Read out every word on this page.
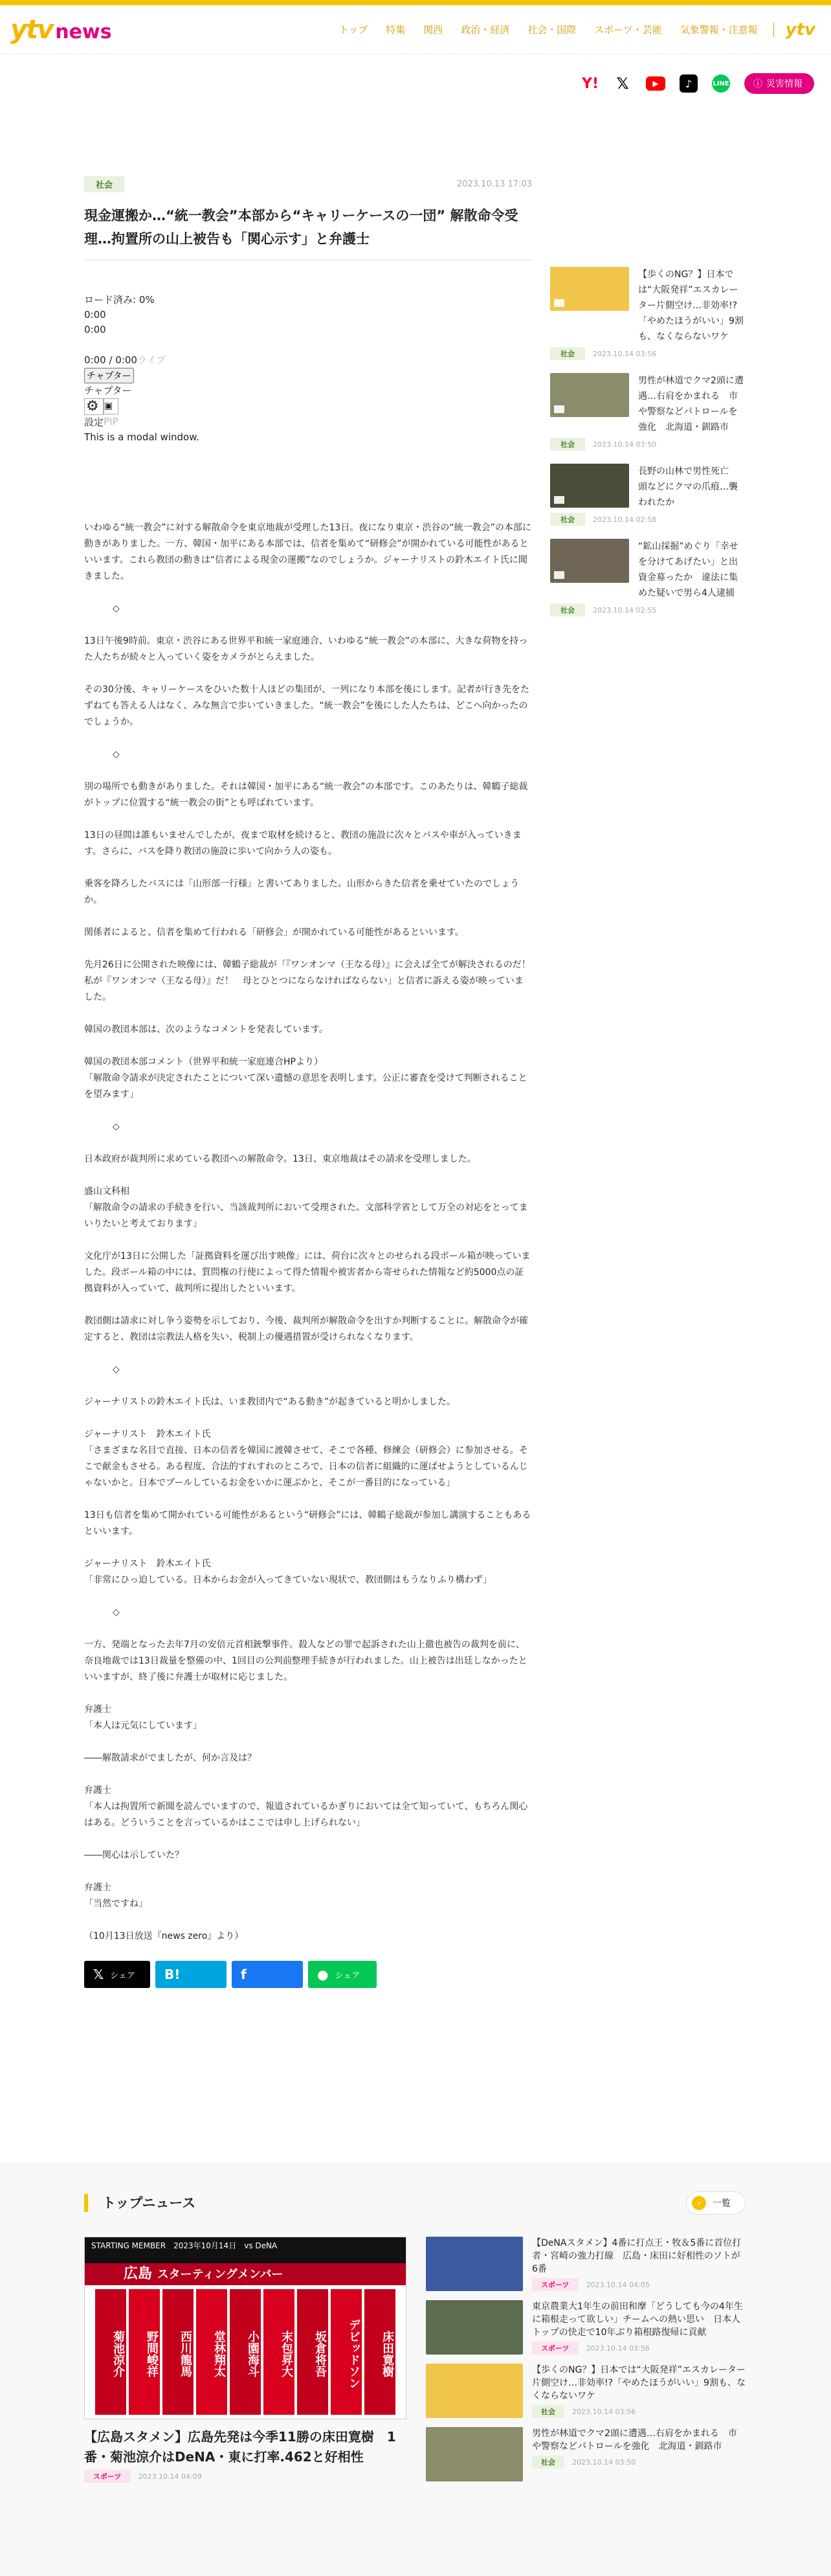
ytv news	トップ	特集	関西	政治・経済	社会・国際	スポーツ・芸能	気象警報・注意報	ytv
Y! 𝕏	▶	♪	LINE	ⓘ 災害情報
社会	2023.10.13 17:03
現金運搬か…“統一教会”本部から“キャリーケースの一団” 解散命令受理…拘置所の山上被告も「関心示す」と弁護士
ロード済み: 0%
0:00
0:00
0:00 / 0:00ライブ
チャプター
チャプター
⚙
設定
▣
PIP
This is a modal window.

いわゆる“統一教会”に対する解散命令を東京地裁が受理した13日。夜になり東京・渋谷の“統一教会”の本部に動きがありました。一方、韓国・加平にある本部では、信者を集めて“研修会”が開かれている可能性があるといいます。これら教団の動きは“信者による現金の運搬”なのでしょうか。ジャーナリストの鈴木エイト氏に聞きました。

◇

13日午後9時前。東京・渋谷にある世界平和統一家庭連合、いわゆる“統一教会”の本部に、大きな荷物を持った人たちが続々と入っていく姿をカメラがとらえました。

その30分後、キャリーケースをひいた数十人ほどの集団が、一列になり本部を後にします。記者が行き先をたずねても答える人はなく、みな無言で歩いていきました。“統一教会”を後にした人たちは、どこへ向かったのでしょうか。

◇

別の場所でも動きがありました。それは韓国・加平にある“統一教会”の本部です。このあたりは、韓鶴子総裁がトップに位置する“統一教会の街”とも呼ばれています。

13日の昼間は誰もいませんでしたが、夜まで取材を続けると、教団の施設に次々とバスや車が入っていきます。さらに、バスを降り教団の施設に歩いて向かう人の姿も。

乗客を降ろしたバスには「山形部一行様」と書いてありました。山形からきた信者を乗せていたのでしょうか。

関係者によると、信者を集めて行われる「研修会」が開かれている可能性があるといいます。

先月26日に公開された映像には、韓鶴子総裁が「『ワンオンマ（王なる母）』に会えば全てが解決されるのだ！　私が『ワンオンマ（王なる母）』だ！　母とひとつにならなければならない」と信者に訴える姿が映っていました。

韓国の教団本部は、次のようなコメントを発表しています。

韓国の教団本部コメント（世界平和統一家庭連合HPより）
「解散命令請求が決定されたことについて深い遺憾の意思を表明します。公正に審査を受けて判断されることを望みます」

◇

日本政府が裁判所に求めている教団への解散命令。13日、東京地裁はその請求を受理しました。

盛山文科相
「解散命令の請求の手続きを行い、当該裁判所において受理された。文部科学省として万全の対応をとってまいりたいと考えております」

文化庁が13日に公開した「証拠資料を運び出す映像」には、荷台に次々とのせられる段ボール箱が映っていました。段ボール箱の中には、質問権の行使によって得た情報や被害者から寄せられた情報など約5000点の証拠資料が入っていて、裁判所に提出したといいます。

教団側は請求に対し争う姿勢を示しており、今後、裁判所が解散命令を出すか判断することに。解散命令が確定すると、教団は宗教法人格を失い、税制上の優遇措置が受けられなくなります。

◇

ジャーナリストの鈴木エイト氏は、いま教団内で“ある動き”が起きていると明かしました。

ジャーナリスト　鈴木エイト氏
「さまざまな名目で直接、日本の信者を韓国に渡韓させて、そこで各種、修練会（研修会）に参加させる。そこで献金もさせる。ある程度、合法的すれすれのところで、日本の信者に組織的に運ばせようとしているんじゃないかと。日本でプールしているお金をいかに運ぶかと、そこが一番目的になっている」

13日も信者を集めて開かれている可能性があるという“研修会”には、韓鶴子総裁が参加し講演することもあるといいます。

ジャーナリスト　鈴木エイト氏
「非常にひっ迫している。日本からお金が入ってきていない現状で、教団側はもうなりふり構わず」

◇

一方、発端となった去年7月の安倍元首相銃撃事件。殺人などの罪で起訴された山上徹也被告の裁判を前に、奈良地裁では13日裁量を整備の中、1回目の公判前整理手続きが行われました。山上被告は出廷しなかったといいますが、終了後に弁護士が取材に応じました。

弁護士
「本人は元気にしています」

――解散請求がでましたが、何か言及は？

弁護士
「本人は拘置所で新聞を読んでいますので、報道されているかぎりにおいては全て知っていて、もちろん関心はある。どういうことを言っているかはここでは申し上げられない」

――関心は示していた？

弁護士
「当然ですね」

（10月13日放送『news zero』より）

𝕏 シェア B!	f	● シェア
【歩くのNG？】日本では“大阪発祥”エスカレーター片側空け…非効率!?「やめたほうがいい」9割も、なくならないワケ
社会	2023.10.14 03:56
男性が林道でクマ2頭に遭遇…右肩をかまれる　市や警察などパトロールを強化　北海道・釧路市
社会	2023.10.14 03:50
長野の山林で男性死亡　頭などにクマの爪痕…襲われたか
社会	2023.10.14 02:58
“鉱山採掘”めぐり「幸せを分けてあげたい」と出資金募ったか　違法に集めた疑いで男ら4人逮捕
社会	2023.10.14 02:55
トップニュース	›	一覧
STARTING MEMBER　 2023年10月14日　 vs DeNA
広島 スターティングメンバー
菊池涼介	野間峻祥	西川龍馬	堂林翔太	小園海斗	末包昇大	坂倉将吾	デビッドソン	床田寛樹
【広島スタメン】広島先発は今季11勝の床田寛樹　1番・菊池涼介はDeNA・東に打率.462と好相性
スポーツ	2023.10.14 04:09
【DeNAスタメン】4番に打点王・牧＆5番に首位打者・宮崎の強力打線　広島・床田に好相性のソトが6番
スポーツ	2023.10.14 04:05
東京農業大1年生の前田和摩「どうしても今の4年生に箱根走って欲しい」チームへの熱い思い　日本人トップの快走で10年ぶり箱根路復帰に貢献
スポーツ	2023.10.14 03:56
【歩くのNG？】日本では“大阪発祥”エスカレーター片側空け…非効率!?「やめたほうがいい」9割も、なくならないワケ
社会	2023.10.14 03:56
男性が林道でクマ2頭に遭遇…右肩をかまれる　市や警察などパトロールを強化　北海道・釧路市
社会	2023.10.14 03:50
